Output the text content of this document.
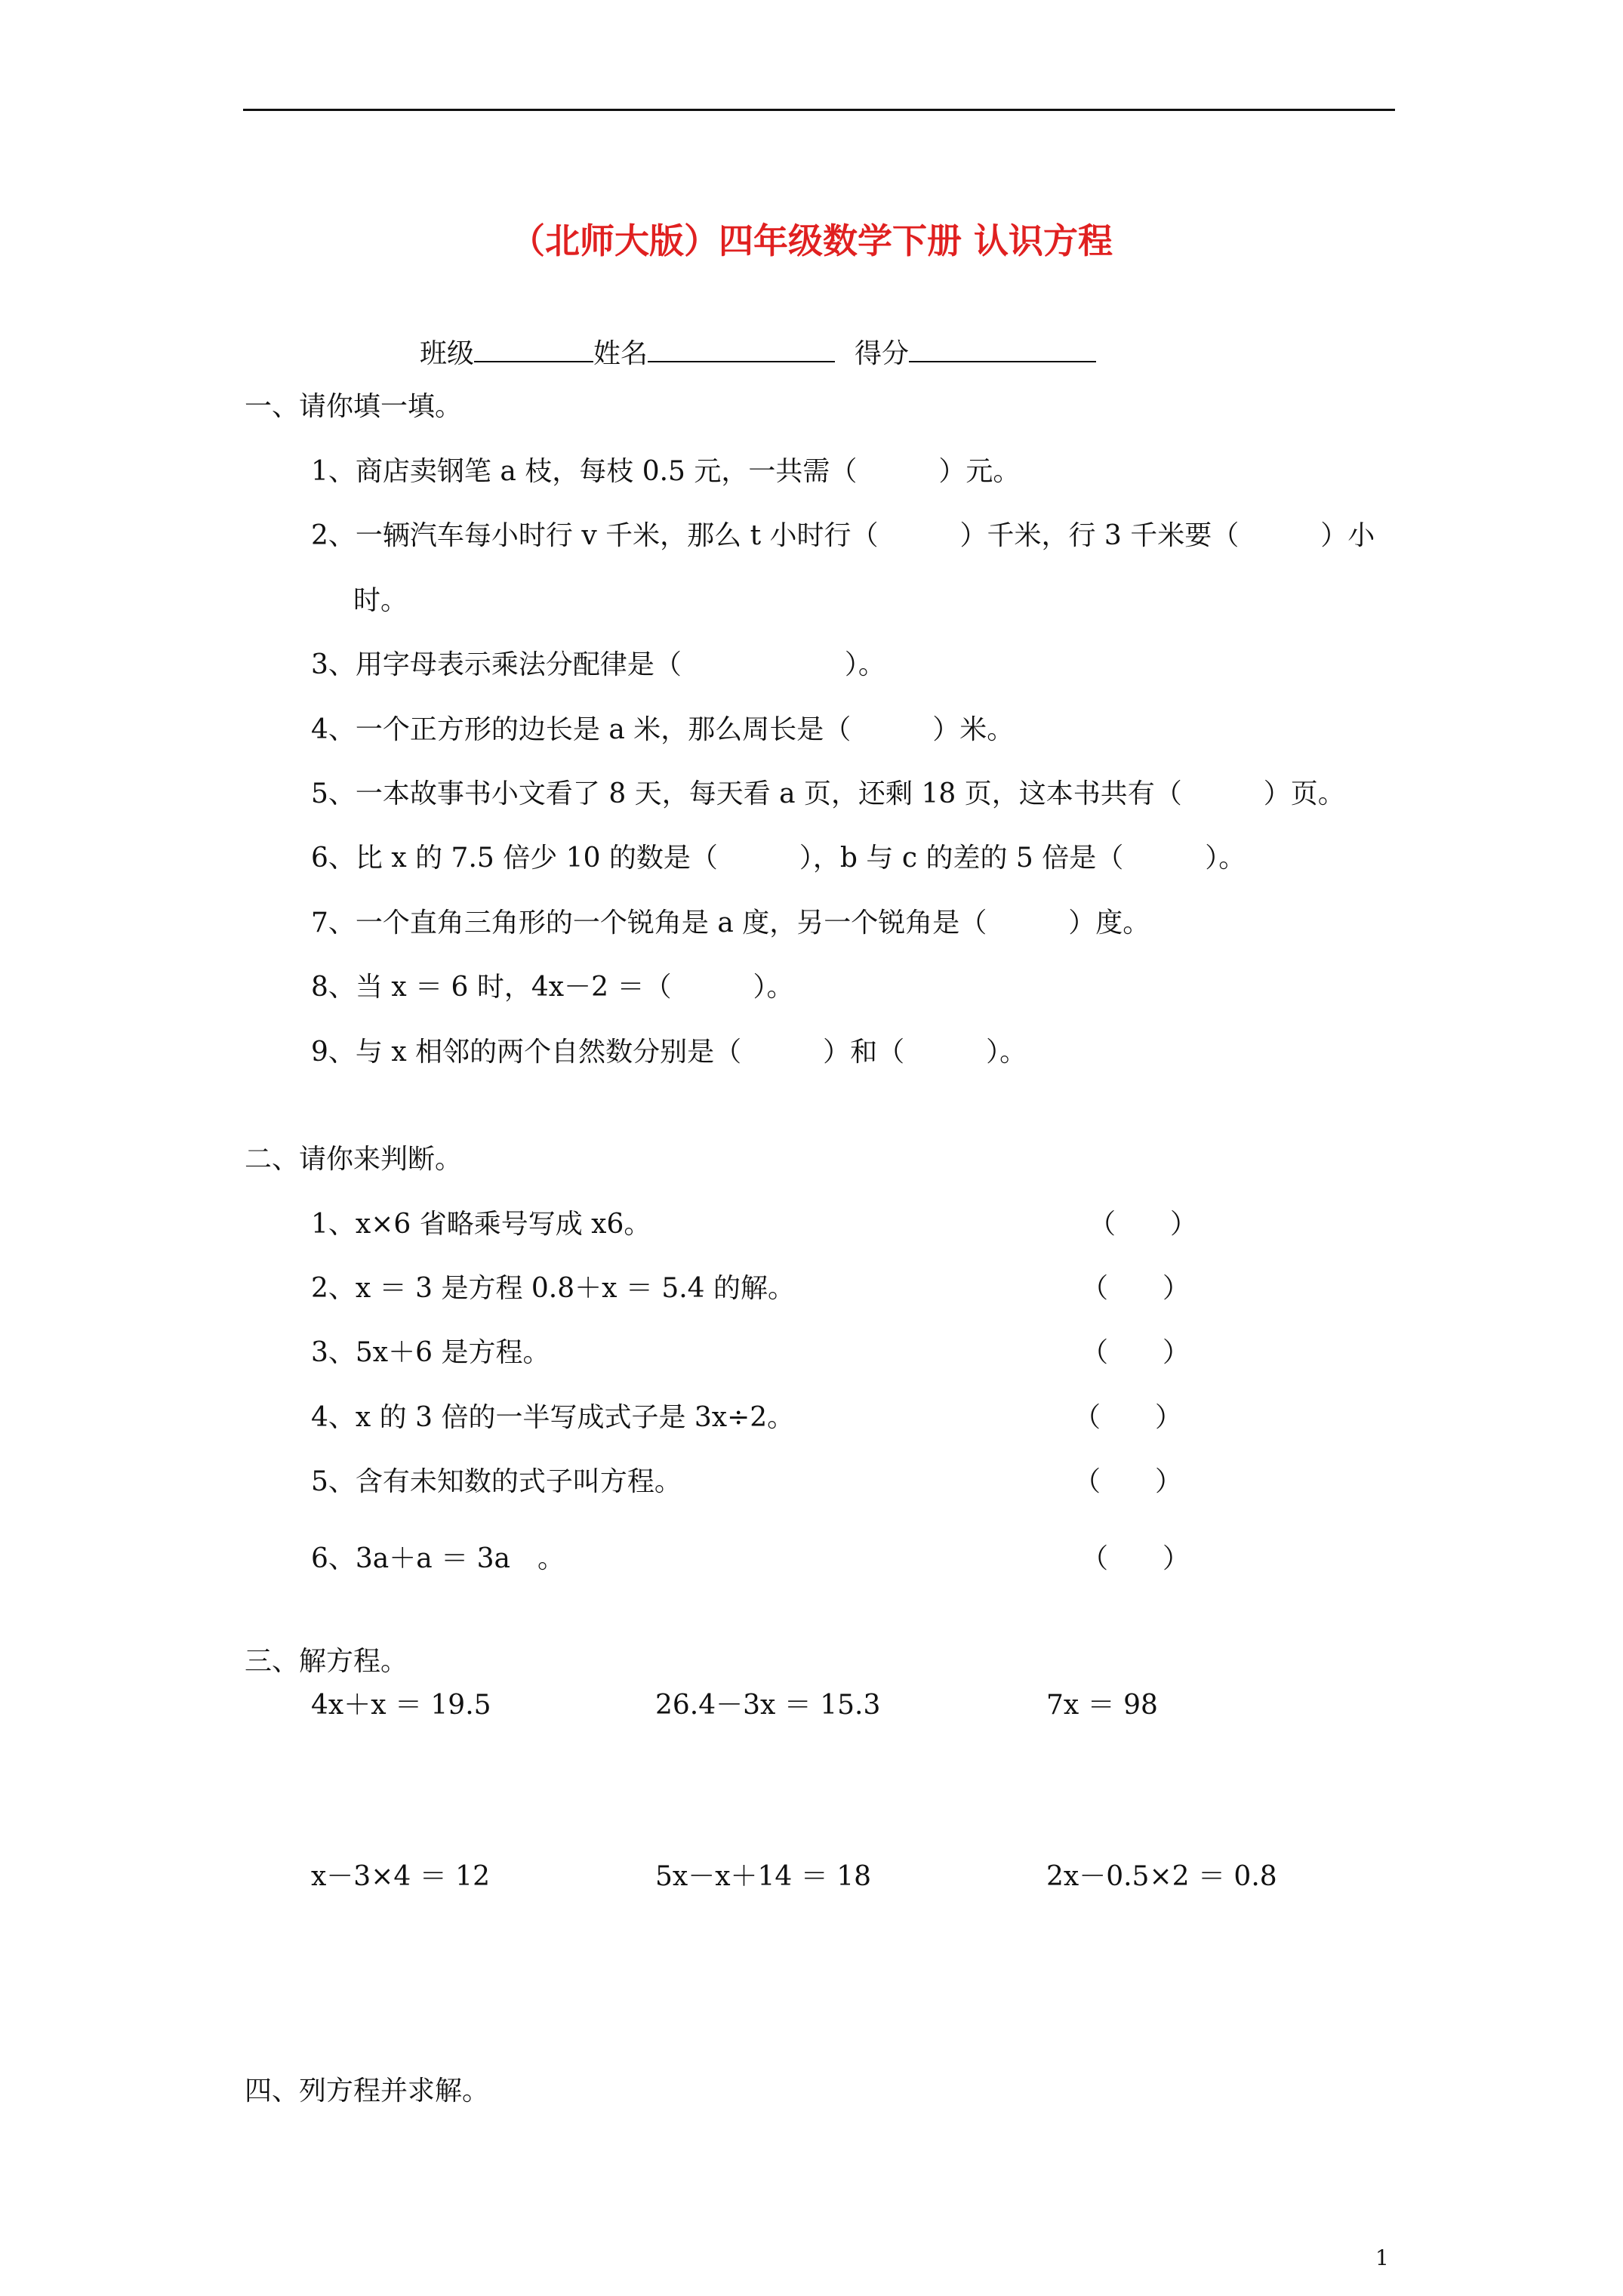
（北师大版）四年级数学下册 认识方程
班级	姓名	得分
一、请你填一填。
1、商店卖钢笔 a 枝，每枝 0.5 元，一共需（　　　）元。
2、一辆汽车每小时行 v 千米，那么 t 小时行（　　　）千米，行 3 千米要（　　　）小
时。
3、用字母表示乘法分配律是（　　　　　　）。
4、一个正方形的边长是 a 米，那么周长是（　　　）米。
5、一本故事书小文看了 8 天，每天看 a 页，还剩 18 页，这本书共有（　　　）页。
6、比 x 的 7.5 倍少 10 的数是（　　　），b 与 c 的差的 5 倍是（　　　）。
7、一个直角三角形的一个锐角是 a 度，另一个锐角是（　　　）度。
8、当 x ＝ 6 时，4x－2 ＝（　　　）。
9、与 x 相邻的两个自然数分别是（　　　）和（　　　）。
二、请你来判断。
1、x×6 省略乘号写成 x6。	（　　）
2、x ＝ 3 是方程 0.8＋x ＝ 5.4 的解。	（　　）
3、5x＋6 是方程。	（　　）
4、x 的 3 倍的一半写成式子是 3x÷2。	（　　）
5、含有未知数的式子叫方程。	（　　）
6、3a＋a ＝ 3a　。	（　　）
三、解方程。
4x＋x ＝ 19.5	26.4－3x ＝ 15.3	7x ＝ 98
x－3×4 ＝ 12	5x－x＋14 ＝ 18	2x－0.5×2 ＝ 0.8
四、列方程并求解。
1
